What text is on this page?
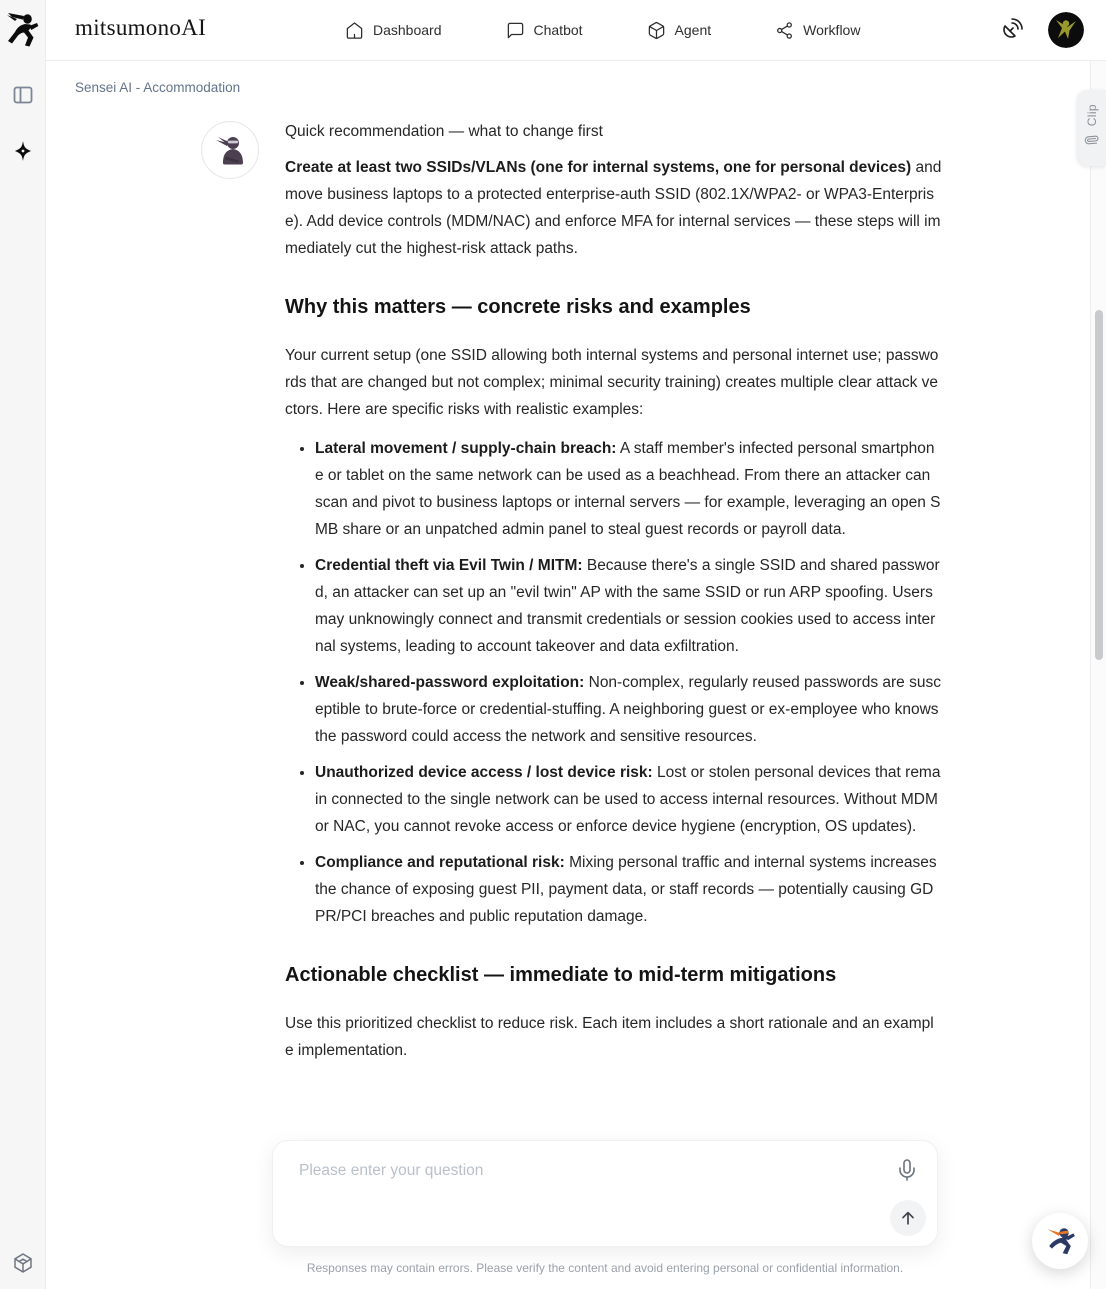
mitsumonoAI	Dashboard	Chatbot	Agent	Workflow
Sensei AI - Accommodation

Quick recommendation — what to change first

Create at least two SSIDs/VLANs (one for internal systems, one for personal devices) and move business laptops to a protected enterprise-auth SSID (802.1X/WPA2- or WPA3-Enterprise). Add device controls (MDM/NAC) and enforce MFA for internal services — these steps will immediately cut the highest-risk attack paths.

Why this matters — concrete risks and examples

Your current setup (one SSID allowing both internal systems and personal internet use; passwords that are changed but not complex; minimal security training) creates multiple clear attack vectors. Here are specific risks with realistic examples:

• Lateral movement / supply-chain breach: A staff member's infected personal smartphone or tablet on the same network can be used as a beachhead. From there an attacker can scan and pivot to business laptops or internal servers — for example, leveraging an open SMB share or an unpatched admin panel to steal guest records or payroll data.
• Credential theft via Evil Twin / MITM: Because there's a single SSID and shared password, an attacker can set up an "evil twin" AP with the same SSID or run ARP spoofing. Users may unknowingly connect and transmit credentials or session cookies used to access internal systems, leading to account takeover and data exfiltration.
• Weak/shared-password exploitation: Non-complex, regularly reused passwords are susceptible to brute-force or credential-stuffing. A neighboring guest or ex-employee who knows the password could access the network and sensitive resources.
• Unauthorized device access / lost device risk: Lost or stolen personal devices that remain connected to the single network can be used to access internal resources. Without MDM or NAC, you cannot revoke access or enforce device hygiene (encryption, OS updates).
• Compliance and reputational risk: Mixing personal traffic and internal systems increases the chance of exposing guest PII, payment data, or staff records — potentially causing GDPR/PCI breaches and public reputation damage.
Actionable checklist — immediate to mid-term mitigations

Use this prioritized checklist to reduce risk. Each item includes a short rationale and an example implementation.

Clip
Please enter your question
Responses may contain errors. Please verify the content and avoid entering personal or confidential information.
